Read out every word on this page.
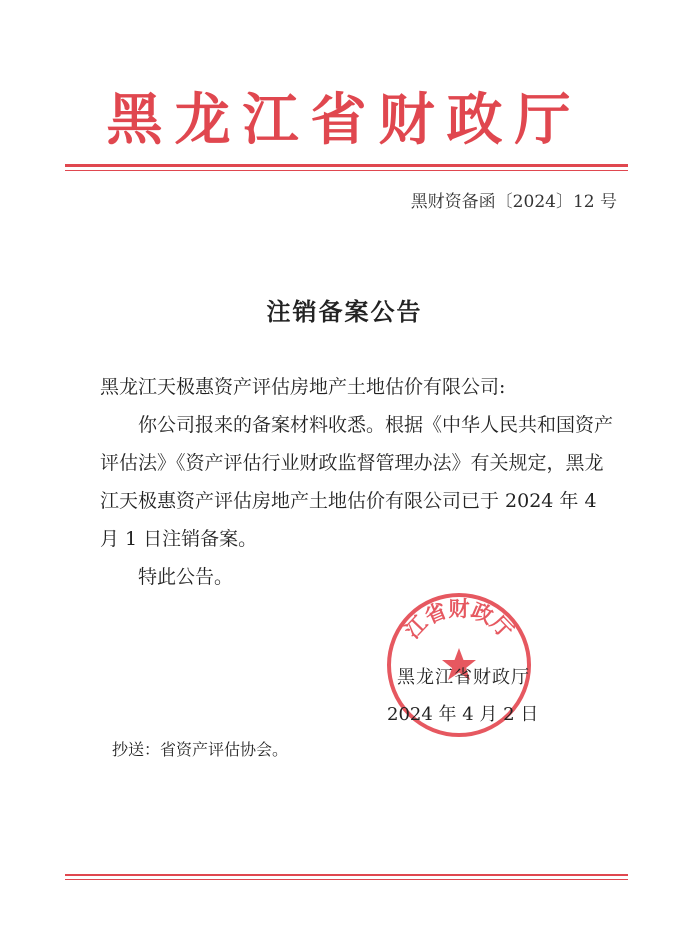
黑龙江省财政厅
黑财资备函〔2024〕12 号
注销备案公告

黑龙江天极惠资产评估房地产土地估价有限公司:

你公司报来的备案材料收悉。根据《中华人民共和国资产评估法》《资产评估行业财政监督管理办法》有关规定，黑龙江天极惠资产评估房地产土地估价有限公司已于 2024 年 4 月 1 日注销备案。

特此公告。

江省财政厅
黑龙江省财政厅
2024 年 4 月 2 日
抄送：省资产评估协会。
